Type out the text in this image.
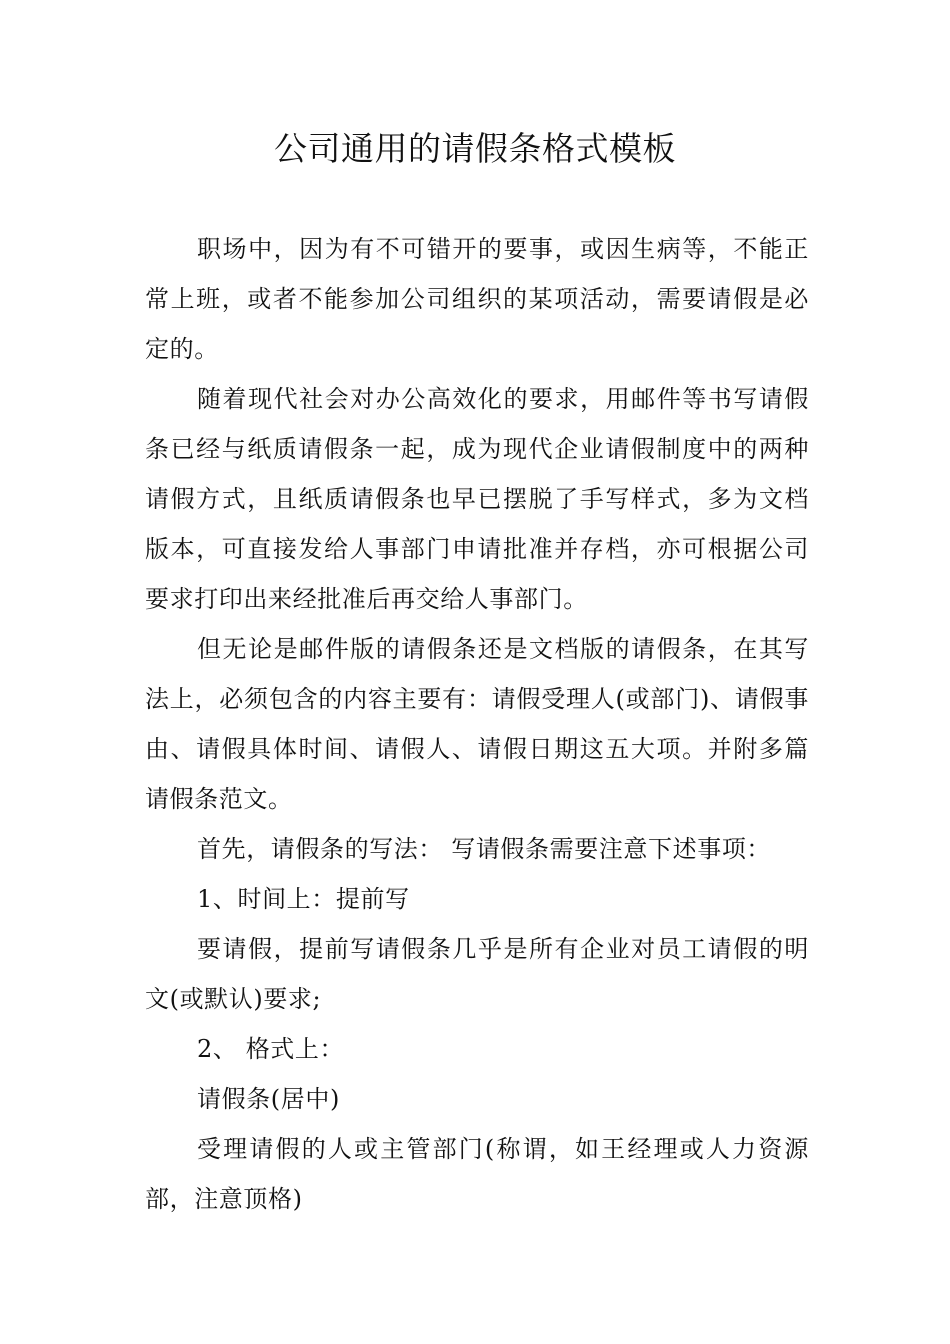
公司通用的请假条格式模板

职场中，因为有不可错开的要事，或因生病等，不能正常上班，或者不能参加公司组织的某项活动，需要请假是必定的。

随着现代社会对办公高效化的要求，用邮件等书写请假条已经与纸质请假条一起，成为现代企业请假制度中的两种请假方式，且纸质请假条也早已摆脱了手写样式，多为文档版本，可直接发给人事部门申请批准并存档，亦可根据公司要求打印出来经批准后再交给人事部门。

但无论是邮件版的请假条还是文档版的请假条，在其写法上，必须包含的内容主要有：请假受理人(或部门)、请假事由、请假具体时间、请假人、请假日期这五大项。并附多篇请假条范文。

首先，请假条的写法： 写请假条需要注意下述事项：

1、时间上：提前写

要请假，提前写请假条几乎是所有企业对员工请假的明文(或默认)要求;

2、 格式上：

请假条(居中)

受理请假的人或主管部门(称谓，如王经理或人力资源部，注意顶格)
